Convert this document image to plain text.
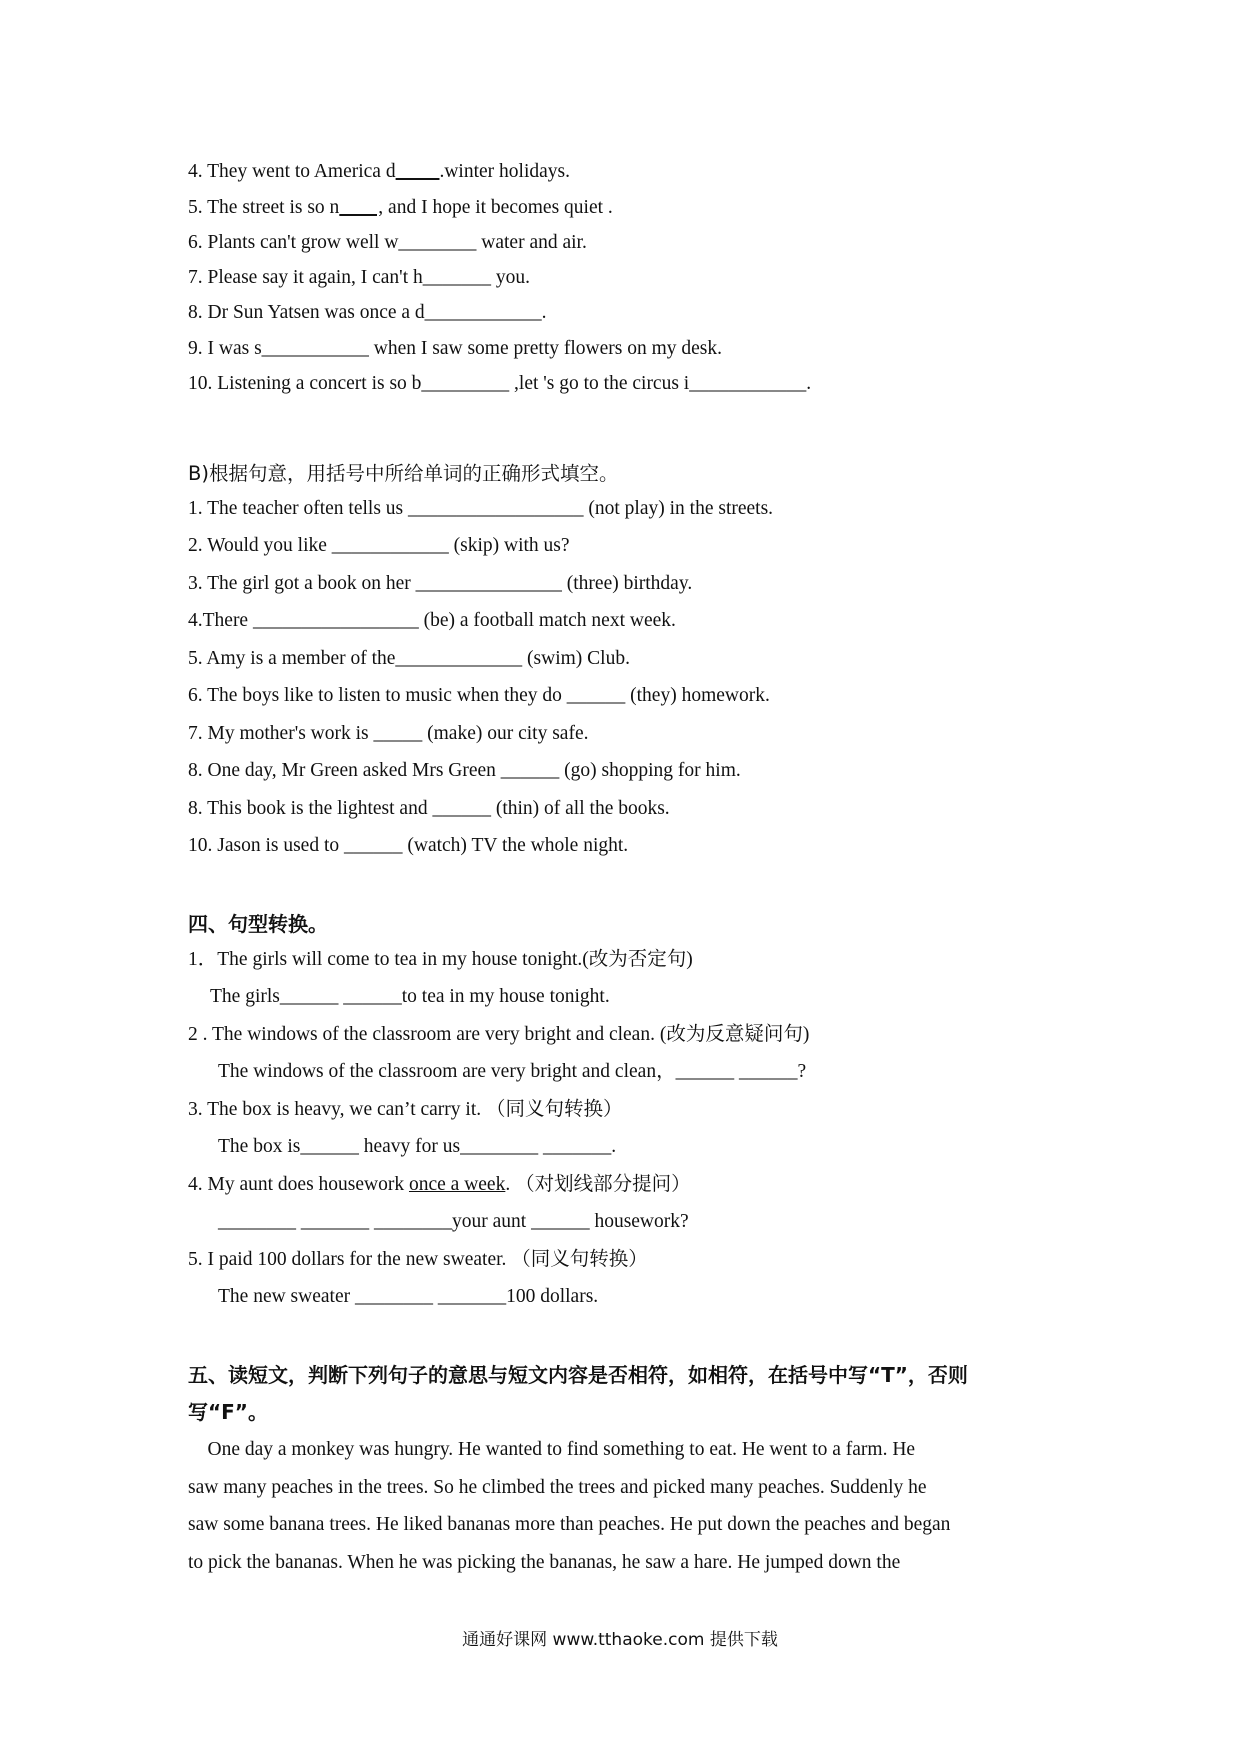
4. They went to America d .winter holidays.
5. The street is so n        , and I hope it becomes quiet .
6. Plants can't grow well w________ water and air.
7. Please say it again, I can't h_______ you.
8. Dr Sun Yatsen was once a d____________.
9. I was s___________ when I saw some pretty flowers on my desk.
10. Listening a concert is so b_________ ,let 's go to the circus i____________.
B)根据句意，用括号中所给单词的正确形式填空。
1. The teacher often tells us __________________ (not play) in the streets.
2. Would you like ____________ (skip) with us?
3. The girl got a book on her _______________ (three) birthday.
4.There _________________ (be) a football match next week.
5. Amy is a member of the_____________ (swim) Club.
6. The boys like to listen to music when they do ______ (they) homework.
7. My mother's work is _____ (make) our city safe.
8. One day, Mr Green asked Mrs Green ______ (go) shopping for him.
8. This book is the lightest and ______ (thin) of all the books.
10. Jason is used to ______ (watch) TV the whole night.
四、句型转换。
1．The girls will come to tea in my house tonight.(改为否定句)
The girls______ ______to tea in my house tonight.
2 . The windows of the classroom are very bright and clean. (改为反意疑问句)
The windows of the classroom are very bright and clean，______ ______?
3. The box is heavy, we can’t carry it. （同义句转换）
The box is______ heavy for us________ _______.
4. My aunt does housework once a week. （对划线部分提问）
________ _______ ________your aunt ______ housework?
5. I paid 100 dollars for the new sweater. （同义句转换）
The new sweater ________ _______100 dollars.
五、读短文，判断下列句子的意思与短文内容是否相符，如相符，在括号中写“T”，否则
写“F”。
One day a monkey was hungry. He wanted to find something to eat. He went to a farm. He
saw many peaches in the trees. So he climbed the trees and picked many peaches. Suddenly he
saw some banana trees. He liked bananas more than peaches. He put down the peaches and began
to pick the bananas. When he was picking the bananas, he saw a hare. He jumped down the
通通好课网 www.tthaoke.com 提供下载
